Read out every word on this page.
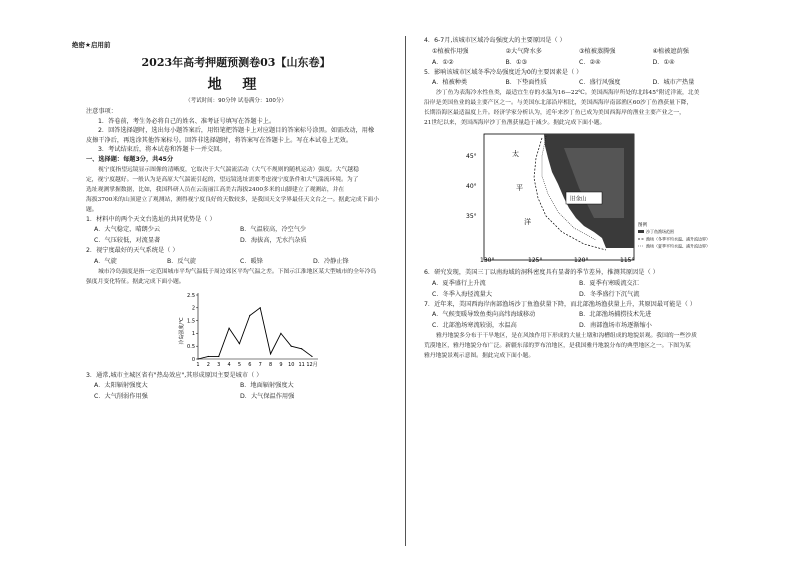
绝密★启用前
2023年高考押题预测卷03【山东卷】
地 理
（考试时间：90分钟 试卷满分：100分）

注意事项：

1．答卷前，考生务必将自己的姓名、准考证号填写在答题卡上。

2．回答选择题时，选出每小题答案后，用铅笔把答题卡上对应题目的答案标号涂黑。如需改动，用橡

皮擦干净后，再选涂其他答案标号。回答非选择题时，将答案写在答题卡上。写在本试卷上无效。

3．考试结束后，将本试卷和答题卡一并交回。

一、选择题：每题3分，共45分

视宁度指望远镜显示图像的清晰度，它取决于大气湍流活动（大气不规则的随机运动）强度。大气越稳

定，视宁度越好。一般认为是高原大气湍流引起的，望远镜选址需要考虑视宁度条件和大气湍流环境。为了

选址观测掌握数据，比如，我国科研人员在云南丽江高美古海拔2400多米的山脚建立了观测站，并在

海拔3700米的山顶建立了观测站，测得视宁度良好的天数较多，是我国天文学界最佳天文台之一。据此完成下面小题。

1．材料中的两个天文台选址的共同优势是（ ）

A．大气稳定，晴朗少云	B．气温较高，冷空气少
C．气压较低，对流显著	D．海拔高，无水汽杂质

2．视宁度最好的天气系统是（ ）

A．气旋	B．反气旋	C．暖锋	D．冷静止锋

城市冷岛强度是指一定范围城市平均气温低于周边郊区平均气温之差。下图示江淮地区某大型城市的全年冷岛

强度月变化特征。据此完成下面小题。

冷岛强度/℃
0
0.5
1
1.5
2
2.5
1 2 3 4 5 6 7 8 9 10 11 12月

3．通常,城市主城区省有"热岛效应",其形成原因主要是城市（ ）

A．太阳辐射强度大	B．地面辐射强度大
C．大气削弱作用强	D．大气保温作用强

4．6-7月,该城市区域冷岛强度大的主要原因是（ ）

①植被作用强	②大气降水多	③植被蒸腾强	④植被遮荫强
A．①②	B．①③	C．②④	D．①④

5．影响该城市区域冬季冷岛强度近为0的主要因素是（ ）

A．植被种类	B．下垫面性质	C．盛行风强度	D．城市产热量

沙丁鱼为表海冷水性鱼类，最适宜生存的水温为16—22℃。美国西海岸所处的北纬45°附近洋流，北美

沿岸是美国鱼业的最主要产区之一。与美国东北部沿岸相比，美国西海岸南部渔区60沙丁鱼渔获量下降，

长期沿海区最适温度上升。经济学家分析认为，近年来沙丁鱼已成为美国西海岸的渔业主要产业之一，

21世纪以来，美国西海岸沙丁鱼渔获量趋于减少。据此完成下面小题。

旧金山
太
平
洋
45°
40°
35°
130°	125°	120°	115°
图例
沙丁鱼渔场范围
渔场（冬季平均水温、涌升流边界）
渔场（夏季平均水温、涌升流边界）

6．研究发现，美国三丁以南海域的洞科密度具有显著的季节差异，推测其原因是（ ）

A．夏季盛行上升流	B．夏季有寒暖流交汇
C．冬季入海径流量大	D．冬季盛行下沉气流

7．近年来，美国西海岸南部渔场沙丁鱼渔获量下降，而北部渔场渔获量上升，其原因最可能是（ ）

A．气候变暖导致鱼类向高纬海域移动	B．北部渔场捕捞技术先进
C．北部渔场寒流较弱，水温高	D．南部渔场市场逐渐缩小

雅丹地貌多分布于干旱地区，是在风蚀作用下形成的大量土墩和沟槽组成的地貌景观。我国的一些沙质

荒漠地区，雅丹地貌分布广泛。新疆东部的罗布泊地区，是我国雅丹地貌分布的典型地区之一。下图为某

雅丹地貌景观示意图。据此完成下面小题。
